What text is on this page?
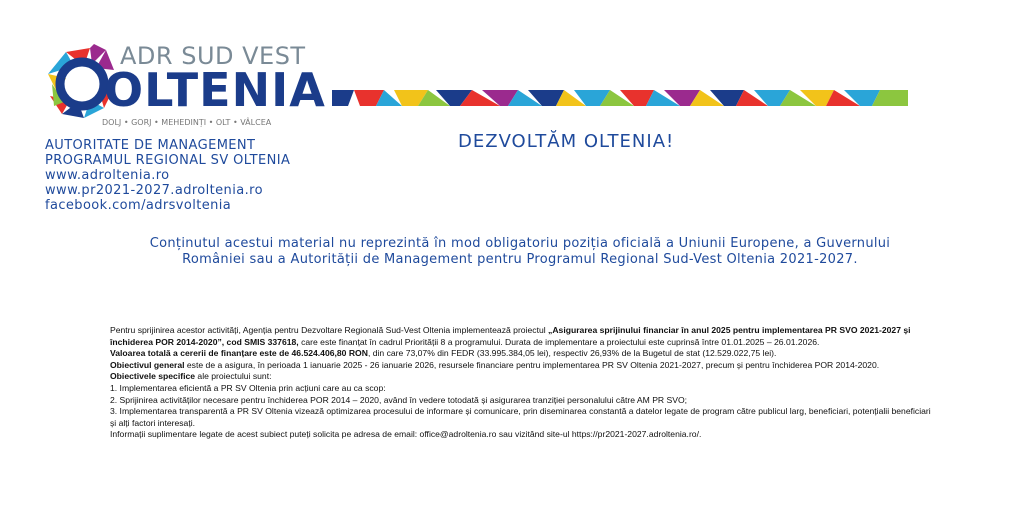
ADR SUD VEST
OLTENIA
DOLJ • GORJ • MEHEDINȚI • OLT • VÂLCEA
AUTORITATE DE MANAGEMENT
PROGRAMUL REGIONAL SV OLTENIA
www.adroltenia.ro
www.pr2021-2027.adroltenia.ro
facebook.com/adrsvoltenia
DEZVOLTĂM OLTENIA!
Conținutul acestui material nu reprezintă în mod obligatoriu poziția oficială a Uniunii Europene, a Guvernului
României sau a Autorității de Management pentru Programul Regional Sud-Vest Oltenia 2021-2027.

Pentru sprijinirea acestor activități, Agenția pentru Dezvoltare Regională Sud-Vest Oltenia implementează proiectul „Asigurarea sprijinului financiar în anul 2025 pentru implementarea PR SVO 2021-2027 și închiderea POR 2014-2020”, cod SMIS 337618, care este finanțat în cadrul Priorității 8 a programului. Durata de implementare a proiectului este cuprinsă între 01.01.2025 – 26.01.2026.

Valoarea totală a cererii de finanțare este de 46.524.406,80 RON, din care 73,07% din FEDR (33.995.384,05 lei), respectiv 26,93% de la Bugetul de stat (12.529.022,75 lei).

Obiectivul general este de a asigura, în perioada 1 ianuarie 2025 - 26 ianuarie 2026, resursele financiare pentru implementarea PR SV Oltenia 2021-2027, precum și pentru închiderea POR 2014-2020.

Obiectivele specifice ale proiectului sunt:

1. Implementarea eficientă a PR SV Oltenia prin acțiuni care au ca scop:

2. Sprijinirea activităților necesare pentru închiderea POR 2014 – 2020, având în vedere totodată și asigurarea tranziției personalului către AM PR SVO;

3. Implementarea transparentă a PR SV Oltenia vizează optimizarea procesului de informare și comunicare, prin diseminarea constantă a datelor legate de program către publicul larg, beneficiari, potențialii beneficiari și alți factori interesați.

Informații suplimentare legate de acest subiect puteți solicita pe adresa de email: office@adroltenia.ro sau vizitând site-ul https://pr2021-2027.adroltenia.ro/.
